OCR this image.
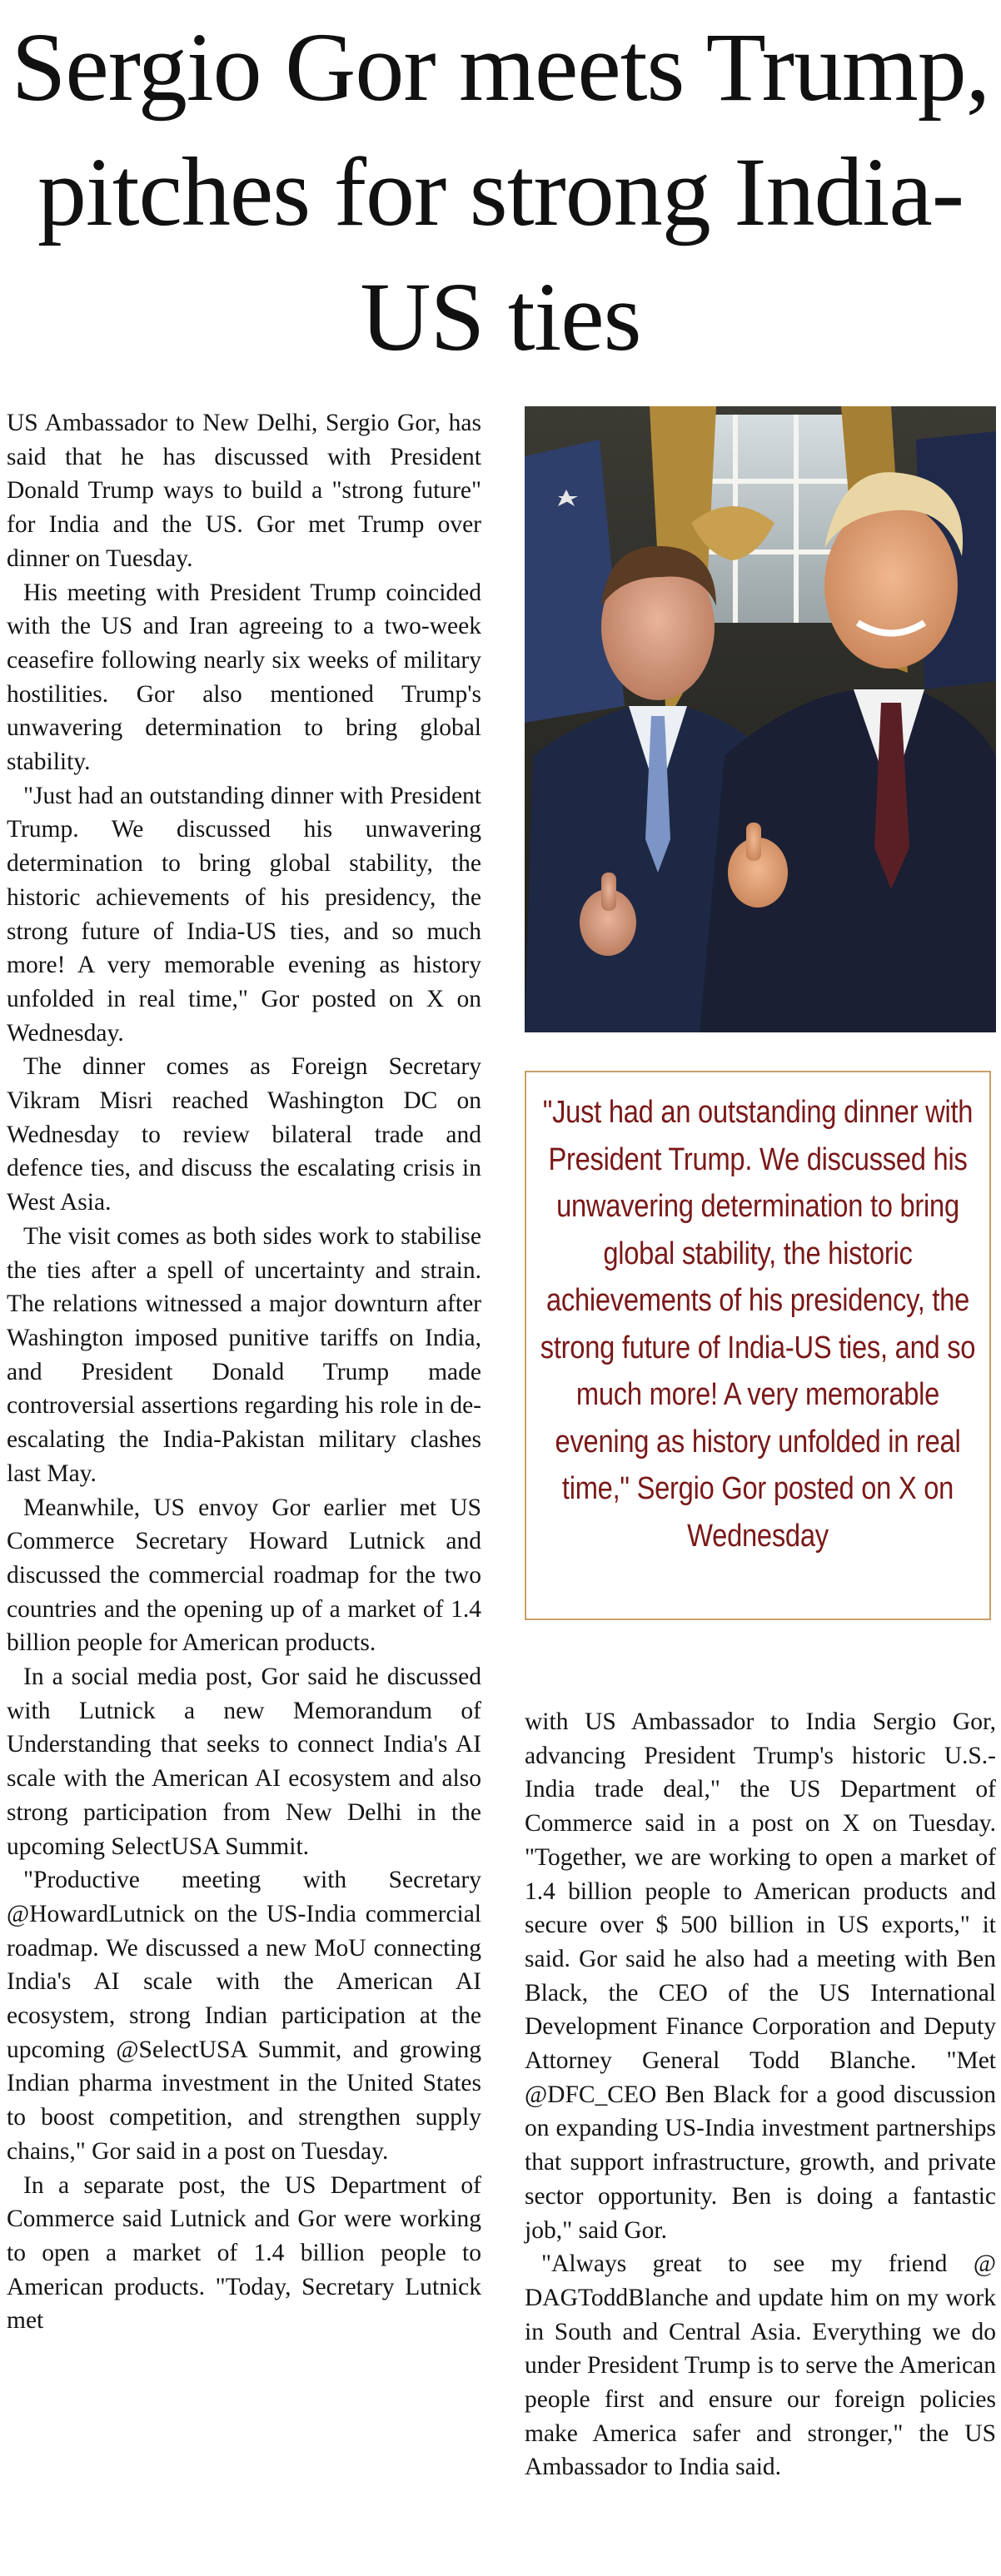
Sergio Gor meets Trump, pitches for strong India-US ties

US Ambassador to New Delhi, Sergio Gor, has said that he has discussed with President Donald Trump ways to build a "strong future" for India and the US. Gor met Trump over dinner on Tuesday.

His meeting with President Trump coincided with the US and Iran agreeing to a two-week ceasefire following nearly six weeks of military hostilities. Gor also mentioned Trump's unwavering determination to bring global stability.

"Just had an outstanding dinner with President Trump. We discussed his unwavering determination to bring global stability, the historic achievements of his presidency, the strong future of India-US ties, and so much more! A very memorable evening as history unfolded in real time," Gor posted on X on Wednesday.

The dinner comes as Foreign Secretary Vikram Misri reached Washington DC on Wednesday to review bilateral trade and defence ties, and discuss the escalating crisis in West Asia.

The visit comes as both sides work to stabilise the ties after a spell of uncertainty and strain. The relations witnessed a major downturn after Washington imposed punitive tariffs on India, and President Donald Trump made controversial assertions regarding his role in de-escalating the India-Pakistan military clashes last May.

Meanwhile, US envoy Gor earlier met US Commerce Secretary Howard Lutnick and discussed the commercial roadmap for the two countries and the opening up of a market of 1.4 billion people for American products.

In a social media post, Gor said he discussed with Lutnick a new Memorandum of Understanding that seeks to connect India's AI scale with the American AI ecosystem and also strong participation from New Delhi in the upcoming SelectUSA Summit.

"Productive meeting with Secretary @HowardLutnick on the US-India commercial roadmap. We discussed a new MoU connecting India's AI scale with the American AI ecosystem, strong Indian participation at the upcoming @SelectUSA Summit, and growing Indian pharma investment in the United States to boost competition, and strengthen supply chains," Gor said in a post on Tuesday.

In a separate post, the US Department of Commerce said Lutnick and Gor were working to open a market of 1.4 billion people to American products. "Today, Secretary Lutnick met

"Just had an outstanding dinner with President Trump. We discussed his unwavering determination to bring global stability, the historic achievements of his presidency, the strong future of India-US ties, and so much more! A very memorable evening as history unfolded in real time," Sergio Gor posted on X on Wednesday

with US Ambassador to India Sergio Gor, advancing President Trump's historic U.S.-India trade deal," the US Department of Commerce said in a post on X on Tuesday. "Together, we are working to open a market of 1.4 billion people to American products and secure over $ 500 billion in US exports," it said. Gor said he also had a meeting with Ben Black, the CEO of the US International Development Finance Corporation and Deputy Attorney General Todd Blanche. "Met @DFC_CEO Ben Black for a good discussion on expanding US-India investment partnerships that support infrastructure, growth, and private sector opportunity. Ben is doing a fantastic job," said Gor.

"Always great to see my friend @ DAGToddBlanche and update him on my work in South and Central Asia. Everything we do under President Trump is to serve the American people first and ensure our foreign policies make America safer and stronger," the US Ambassador to India said.
